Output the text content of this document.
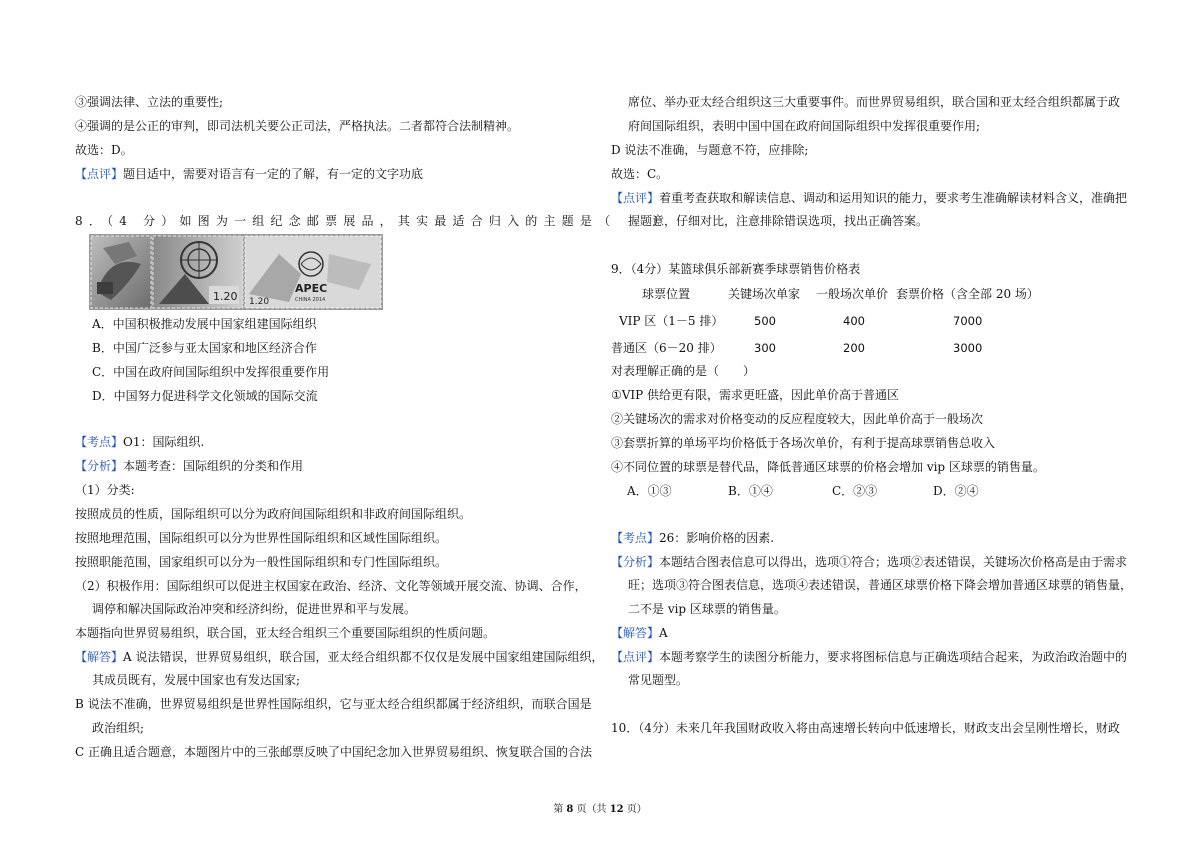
③强调法律、立法的重要性;
④强调的是公正的审判，即司法机关要公正司法，严格执法。二者都符合法制精神。
故选：D。
【点评】题目适中，需要对语言有一定的了解，有一定的文字功底
8．（4 分）如图为一组纪念邮票展品，其实最适合归入的主题是（　　）
1.20
APEC
CHINA 2014
1.20
A．中国积极推动发展中国家组建国际组织
B．中国广泛参与亚太国家和地区经济合作
C．中国在政府间国际组织中发挥很重要作用
D．中国努力促进科学文化领域的国际交流
【考点】O1：国际组织.
【分析】本题考查：国际组织的分类和作用
（1）分类:
按照成员的性质，国际组织可以分为政府间国际组织和非政府间国际组织。
按照地理范围，国际组织可以分为世界性国际组织和区域性国际组织。
按照职能范围，国家组织可以分为一般性国际组织和专门性国际组织。
（2）积极作用：国际组织可以促进主权国家在政治、经济、文化等领域开展交流、协调、合作，
调停和解决国际政治冲突和经济纠纷，促进世界和平与发展。
本题指向世界贸易组织，联合国，亚太经合组织三个重要国际组织的性质问题。
【解答】A 说法错误，世界贸易组织，联合国，亚太经合组织都不仅仅是发展中国家组建国际组织，
其成员既有，发展中国家也有发达国家;
B 说法不准确，世界贸易组织是世界性国际组织，它与亚太经合组织都属于经济组织，而联合国是
政治组织;
C 正确且适合题意，本题图片中的三张邮票反映了中国纪念加入世界贸易组织、恢复联合国的合法
席位、举办亚太经合组织这三大重要事件。而世界贸易组织，联合国和亚太经合组织都属于政
府间国际组织，表明中国中国在政府间国际组织中发挥很重要作用;
D 说法不准确，与题意不符，应排除;
故选：C。
【点评】着重考查获取和解读信息、调动和运用知识的能力，要求考生准确解读材料含义，准确把
握题意，仔细对比，注意排除错误选项，找出正确答案。
9．（4分）某篮球俱乐部新赛季球票销售价格表
球票位置	关键场次单家 一般场次单价 套票价格（含全部 20 场）
VIP 区（1－5 排）	500	400	7000
普通区（6－20 排）	300	200	3000
对表理解正确的是（　　）
①VIP 供给更有限，需求更旺盛，因此单价高于普通区
②关键场次的需求对价格变动的反应程度较大，因此单价高于一般场次
③套票折算的单场平均价格低于各场次单价，有利于提高球票销售总收入
④不同位置的球票是替代品，降低普通区球票的价格会增加 vip 区球票的销售量。
A．①③	B．①④	C．②③	D．②④
【考点】26：影响价格的因素.
【分析】本题结合图表信息可以得出，选项①符合；选项②表述错误，关键场次价格高是由于需求
旺；选项③符合图表信息，选项④表述错误，普通区球票价格下降会增加普通区球票的销售量，
二不是 vip 区球票的销售量。
【解答】A
【点评】本题考察学生的读图分析能力，要求将图标信息与正确选项结合起来，为政治政治题中的
常见题型。
10．（4分）未来几年我国财政收入将由高速增长转向中低速增长，财政支出会呈刚性增长，财政
第 8 页（共 12 页）
